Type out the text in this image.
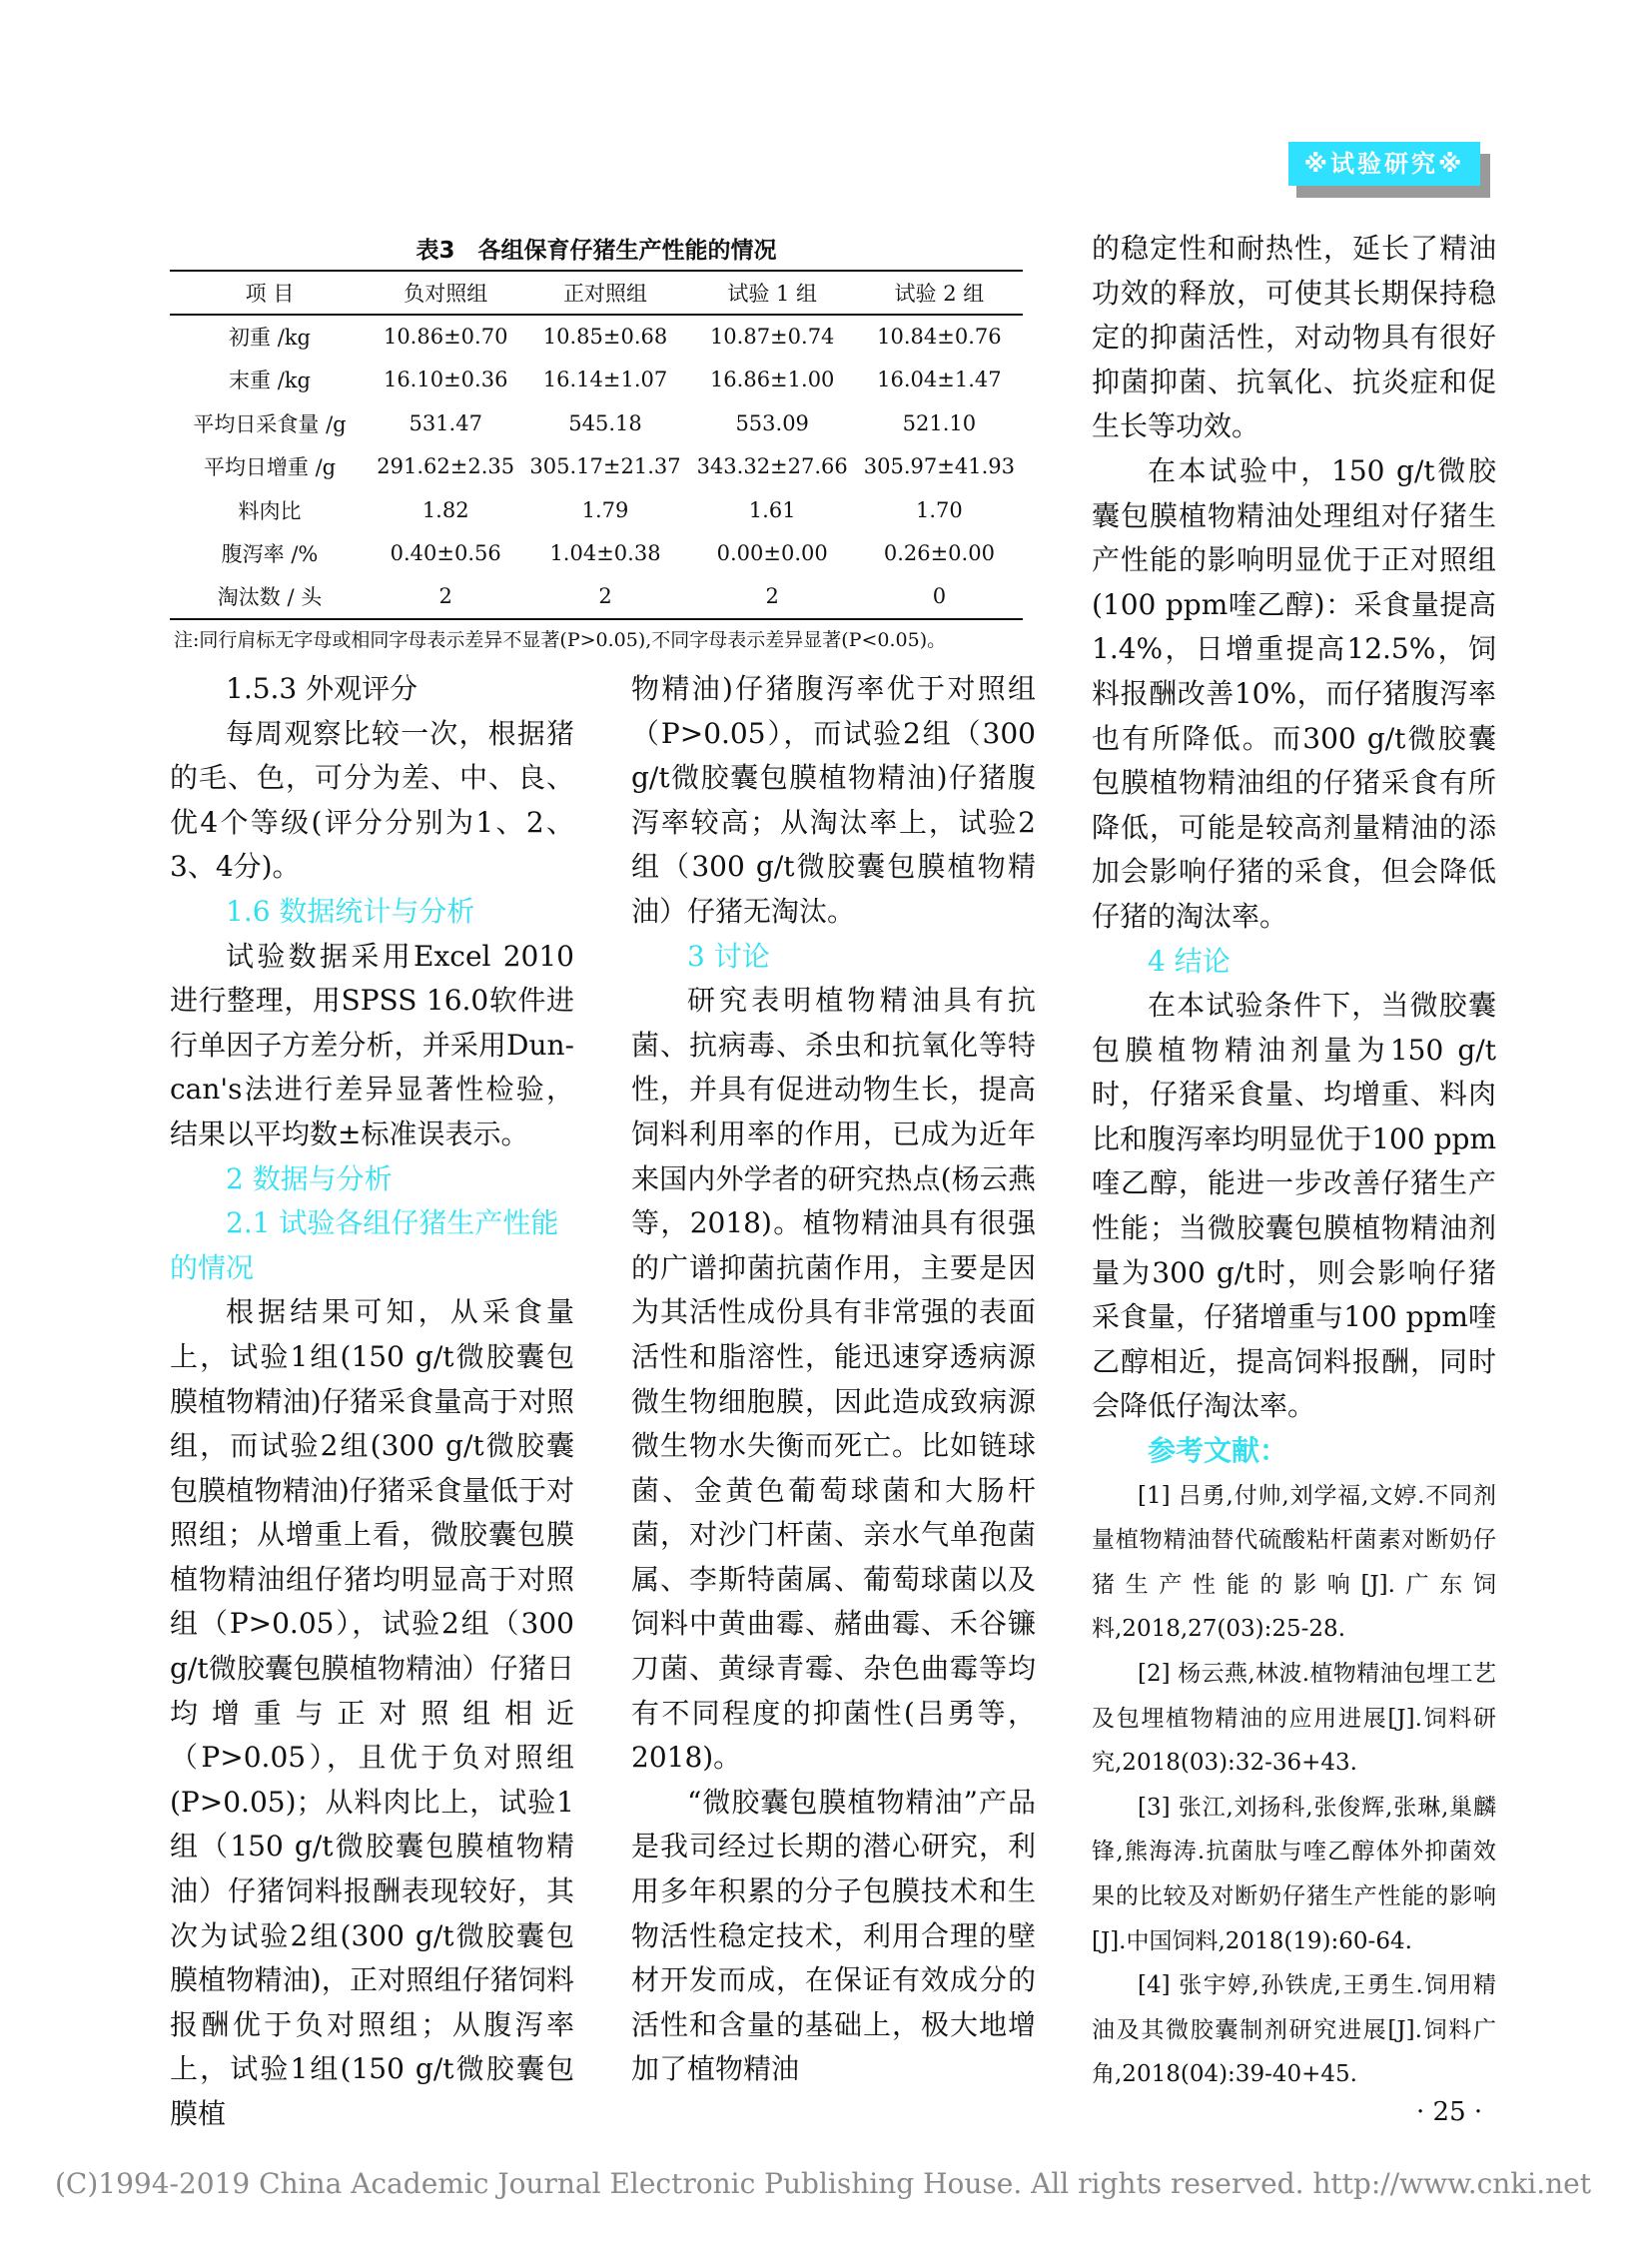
※试验研究※
表3　各组保育仔猪生产性能的情况
项 目	负对照组	正对照组	试验 1 组	试验 2 组
初重 /kg	10.86±0.70	10.85±0.68	10.87±0.74	10.84±0.76
末重 /kg	16.10±0.36	16.14±1.07	16.86±1.00	16.04±1.47
平均日采食量 /g	531.47	545.18	553.09	521.10
平均日增重 /g	291.62±2.35	305.17±21.37	343.32±27.66	305.97±41.93
料肉比	1.82	1.79	1.61	1.70
腹泻率 /%	0.40±0.56	1.04±0.38	0.00±0.00	0.26±0.00
淘汰数 / 头	2	2	2	0
注:同行肩标无字母或相同字母表示差异不显著(P>0.05),不同字母表示差异显著(P<0.05)。

1.5.3 外观评分

每周观察比较一次，根据猪的毛、色，可分为差、中、良、优4个等级(评分分别为1、2、3、4分)。

1.6 数据统计与分析

试验数据采用Excel 2010进行整理，用SPSS 16.0软件进行单因子方差分析，并采用Dun-can's法进行差异显著性检验，结果以平均数±标准误表示。

2 数据与分析

2.1 试验各组仔猪生产性能的情况

根据结果可知，从采食量上，试验1组(150 g/t微胶囊包膜植物精油)仔猪采食量高于对照组，而试验2组(300 g/t微胶囊包膜植物精油)仔猪采食量低于对照组；从增重上看，微胶囊包膜植物精油组仔猪均明显高于对照组（P>0.05），试验2组（300 g/t微胶囊包膜植物精油）仔猪日均增重与正对照组相近（P>0.05），且优于负对照组(P>0.05)；从料肉比上，试验1组（150 g/t微胶囊包膜植物精油）仔猪饲料报酬表现较好，其次为试验2组(300 g/t微胶囊包膜植物精油)，正对照组仔猪饲料报酬优于负对照组；从腹泻率上，试验1组(150 g/t微胶囊包膜植

物精油)仔猪腹泻率优于对照组（P>0.05），而试验2组（300 g/t微胶囊包膜植物精油)仔猪腹泻率较高；从淘汰率上，试验2组（300 g/t微胶囊包膜植物精油）仔猪无淘汰。

3 讨论

研究表明植物精油具有抗菌、抗病毒、杀虫和抗氧化等特性，并具有促进动物生长，提高饲料利用率的作用，已成为近年来国内外学者的研究热点(杨云燕等，2018)。植物精油具有很强的广谱抑菌抗菌作用，主要是因为其活性成份具有非常强的表面活性和脂溶性，能迅速穿透病源微生物细胞膜，因此造成致病源微生物水失衡而死亡。比如链球菌、金黄色葡萄球菌和大肠杆菌，对沙门杆菌、亲水气单孢菌属、李斯特菌属、葡萄球菌以及饲料中黄曲霉、赭曲霉、禾谷镰刀菌、黄绿青霉、杂色曲霉等均有不同程度的抑菌性(吕勇等，2018)。

“微胶囊包膜植物精油”产品是我司经过长期的潜心研究，利用多年积累的分子包膜技术和生物活性稳定技术，利用合理的壁材开发而成，在保证有效成分的活性和含量的基础上，极大地增加了植物精油

的稳定性和耐热性，延长了精油功效的释放，可使其长期保持稳定的抑菌活性，对动物具有很好抑菌抑菌、抗氧化、抗炎症和促生长等功效。

在本试验中，150 g/t微胶囊包膜植物精油处理组对仔猪生产性能的影响明显优于正对照组(100 ppm喹乙醇)：采食量提高1.4%，日增重提高12.5%，饲料报酬改善10%，而仔猪腹泻率也有所降低。而300 g/t微胶囊包膜植物精油组的仔猪采食有所降低，可能是较高剂量精油的添加会影响仔猪的采食，但会降低仔猪的淘汰率。

4 结论

在本试验条件下，当微胶囊包膜植物精油剂量为150 g/t时，仔猪采食量、均增重、料肉比和腹泻率均明显优于100 ppm喹乙醇，能进一步改善仔猪生产性能；当微胶囊包膜植物精油剂量为300 g/t时，则会影响仔猪采食量，仔猪增重与100 ppm喹乙醇相近，提高饲料报酬，同时会降低仔淘汰率。

参考文献：

[1] 吕勇,付帅,刘学福,文婷.不同剂量植物精油替代硫酸粘杆菌素对断奶仔猪生产性能的影响[J].广东饲料,2018,27(03):25-28.

[2] 杨云燕,林波.植物精油包埋工艺及包埋植物精油的应用进展[J].饲料研究,2018(03):32-36+43.

[3] 张江,刘扬科,张俊辉,张琳,巢麟锋,熊海涛.抗菌肽与喹乙醇体外抑菌效果的比较及对断奶仔猪生产性能的影响[J].中国饲料,2018(19):60-64.

[4] 张宇婷,孙铁虎,王勇生.饲用精油及其微胶囊制剂研究进展[J].饲料广角,2018(04):39-40+45.

· 25 ·
(C)1994-2019 China Academic Journal Electronic Publishing House. All rights reserved. http://www.cnki.net
